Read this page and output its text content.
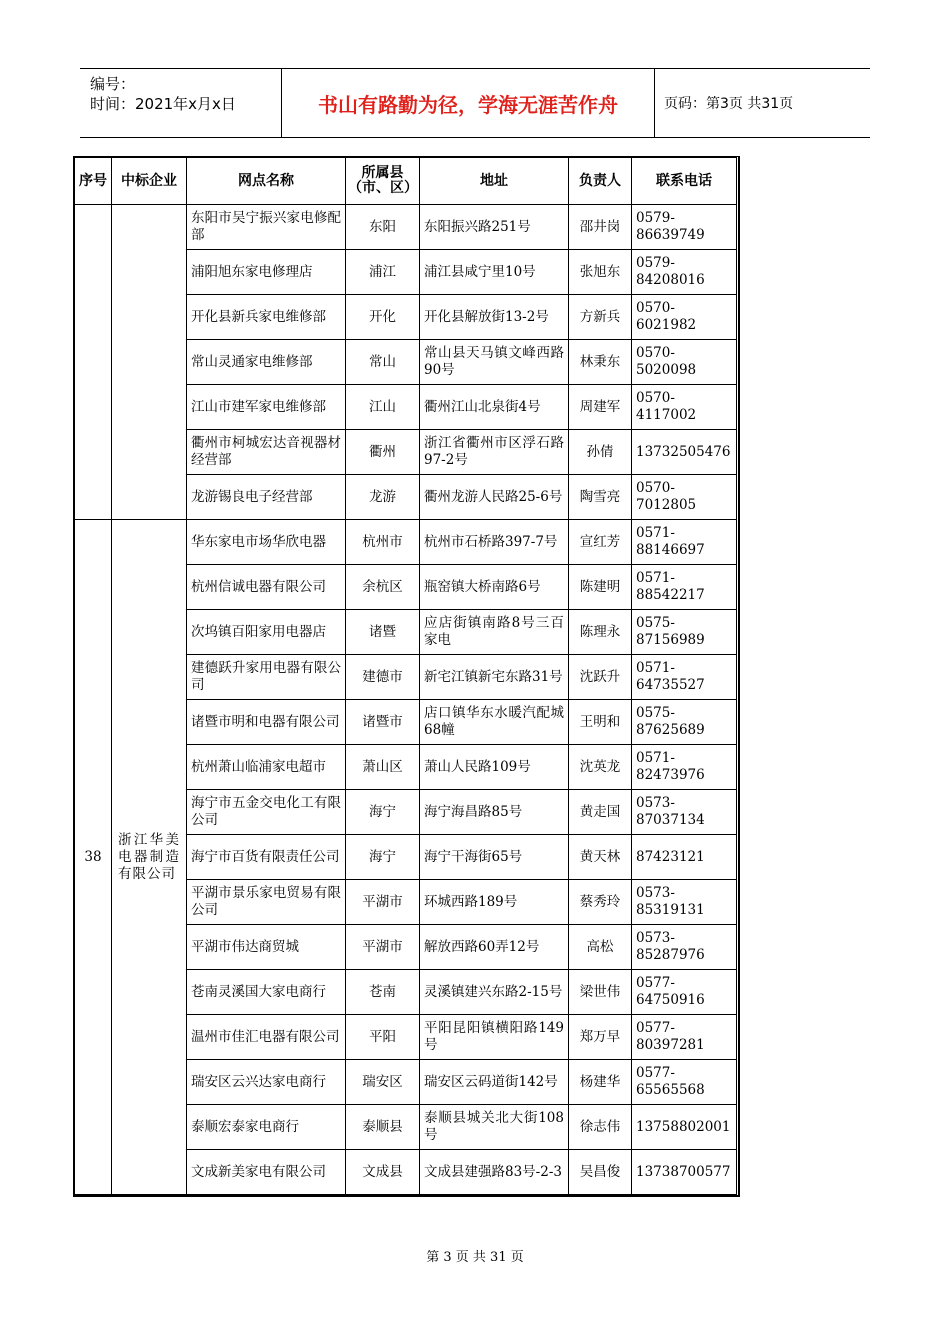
编号：
时间：2021年x月x日	书山有路勤为径，学海无涯苦作舟	页码：第3页 共31页
序号	中标企业	网点名称	所属县（市、区）	地址	负责人	联系电话
		东阳市吴宁振兴家电修配部	东阳	东阳振兴路251号	邵井岗	0579-86639749
		浦阳旭东家电修理店	浦江	浦江县咸宁里10号	张旭东	0579-84208016
		开化县新兵家电维修部	开化	开化县解放街13-2号	方新兵	0570-6021982
		常山灵通家电维修部	常山	常山县天马镇文峰西路90号	林秉东	0570-5020098
		江山市建军家电维修部	江山	衢州江山北泉街4号	周建军	0570-4117002
		衢州市柯城宏达音视器材经营部	衢州	浙江省衢州市区浮石路97-2号	孙倩	13732505476
		龙游锡良电子经营部	龙游	衢州龙游人民路25-6号	陶雪亮	0570-7012805
38	浙江华美电器制造有限公司	华东家电市场华欣电器	杭州市	杭州市石桥路397-7号	宣红芳	0571-88146697
		杭州信诚电器有限公司	余杭区	瓶窑镇大桥南路6号	陈建明	0571-88542217
		次坞镇百阳家用电器店	诸暨	应店街镇南路8号三百家电	陈理永	0575-87156989
		建德跃升家用电器有限公司	建德市	新宅江镇新宅东路31号	沈跃升	0571-64735527
		诸暨市明和电器有限公司	诸暨市	店口镇华东水暖汽配城68幢	王明和	0575-87625689
		杭州萧山临浦家电超市	萧山区	萧山人民路109号	沈英龙	0571-82473976
		海宁市五金交电化工有限公司	海宁	海宁海昌路85号	黄走国	0573-87037134
		海宁市百货有限责任公司	海宁	海宁干海街65号	黄天林	87423121
		平湖市景乐家电贸易有限公司	平湖市	环城西路189号	蔡秀玲	0573-85319131
		平湖市伟达商贸城	平湖市	解放西路60弄12号	高松	0573-85287976
		苍南灵溪国大家电商行	苍南	灵溪镇建兴东路2-15号	梁世伟	0577-64750916
		温州市佳汇电器有限公司	平阳	平阳昆阳镇横阳路149号	郑万早	0577-80397281
		瑞安区云兴达家电商行	瑞安区	瑞安区云码道街142号	杨建华	0577-65565568
		泰顺宏泰家电商行	泰顺县	泰顺县城关北大街108号	徐志伟	13758802001
		文成新美家电有限公司	文成县	文成县建强路83号-2-3	吴昌俊	13738700577
第 3 页 共 31 页
